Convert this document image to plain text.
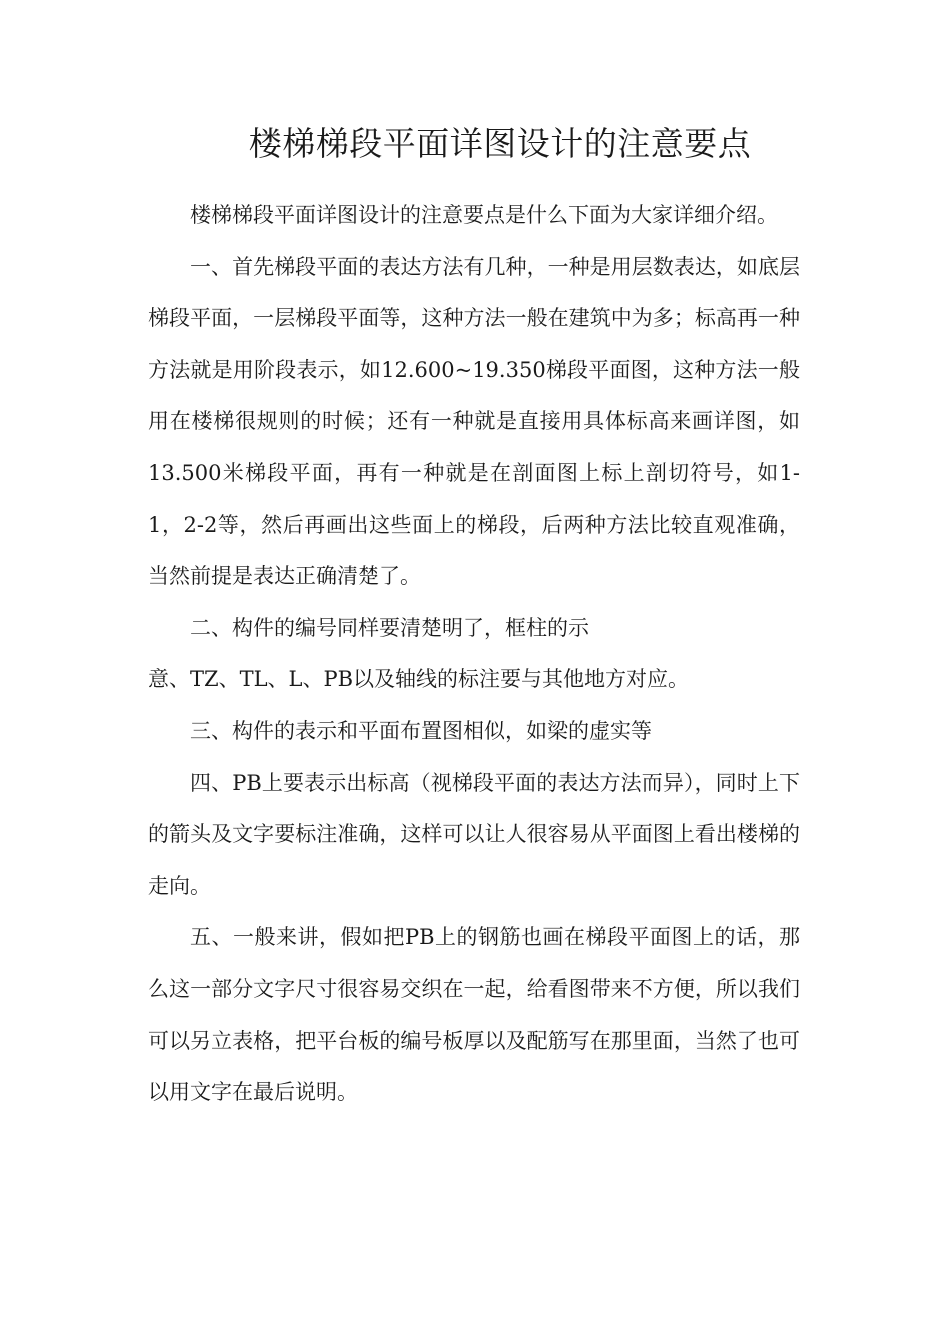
楼梯梯段平面详图设计的注意要点

楼梯梯段平面详图设计的注意要点是什么下面为大家详细介绍。

一、首先梯段平面的表达方法有几种，一种是用层数表达，如底层梯段平面，一层梯段平面等，这种方法一般在建筑中为多；标高再一种方法就是用阶段表示，如12.600~19.350梯段平面图，这种方法一般用在楼梯很规则的时候；还有一种就是直接用具体标高来画详图，如13.500米梯段平面，再有一种就是在剖面图上标上剖切符号，如1-1，2-2等，然后再画出这些面上的梯段，后两种方法比较直观准确，当然前提是表达正确清楚了。

二、构件的编号同样要清楚明了，框柱的示

意、TZ、TL、L、PB以及轴线的标注要与其他地方对应。

三、构件的表示和平面布置图相似，如梁的虚实等

四、PB上要表示出标高（视梯段平面的表达方法而异），同时上下的箭头及文字要标注准确，这样可以让人很容易从平面图上看出楼梯的走向。

五、一般来讲，假如把PB上的钢筋也画在梯段平面图上的话，那么这一部分文字尺寸很容易交织在一起，给看图带来不方便，所以我们可以另立表格，把平台板的编号板厚以及配筋写在那里面，当然了也可以用文字在最后说明。
